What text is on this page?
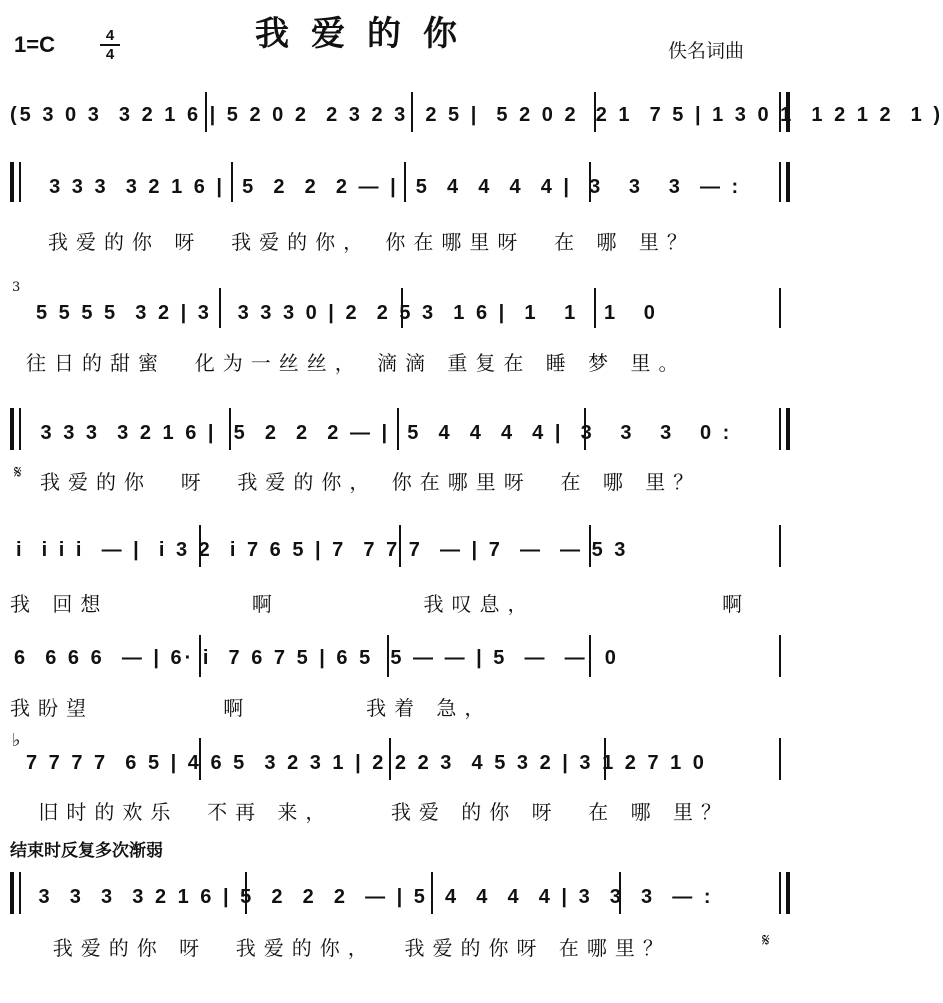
我爱的你
1=C	4
4	佚名词曲
(5 3 0 3  3 2 1 6 | 5 2 0 2  2 3 2 3  2 5 |  5 2 0 2  2 1  7 5 | 1 3 0 1  1 2 1 2  1 )
3 3 3  3 2 1 6 |  5  2  2  2 — |  5  4  4  4  4 |  3   3   3  — :
我爱的你 呀  我爱的你， 你在哪里呀  在 哪 里？
5 5 5 5  3 2 | 3   3 3 3 0 | 2  2 5 3  1 6 |  1   1   1   0
3
往日的甜蜜  化为一丝丝， 滴滴 重复在 睡 梦 里。
3 3 3  3 2 1 6 |  5  2  2  2 — |  5  4  4  4  4 |  3   3   3   0 :
𝄋 我爱的你  呀  我爱的你， 你在哪里呀  在 哪 里？
i  i i i  — |  i 3 2  i 7 6 5 | 7  7 7 7  — | 7  —  — 5 3
我 回想          啊          我叹息，             啊
6  6 6 6  — | 6· i  7 6 7 5 | 6 5  5 — — | 5  —  —  0
我盼望         啊        我着 急，
7 7 7 7  6 5 | 4 6 5  3 2 3 1 | 2 2 2 3  4 5 3 2 | 3 1 2 7 1 0
♭
旧时的欢乐  不再 来，    我爱 的你 呀  在 哪 里？
结束时反复多次渐弱
3  3  3  3 2 1 6 | 5  2  2  2  — | 5  4  4  4  4 | 3  3  3  — :
我爱的你 呀  我爱的你，  我爱的你呀 在哪里？	𝄋
